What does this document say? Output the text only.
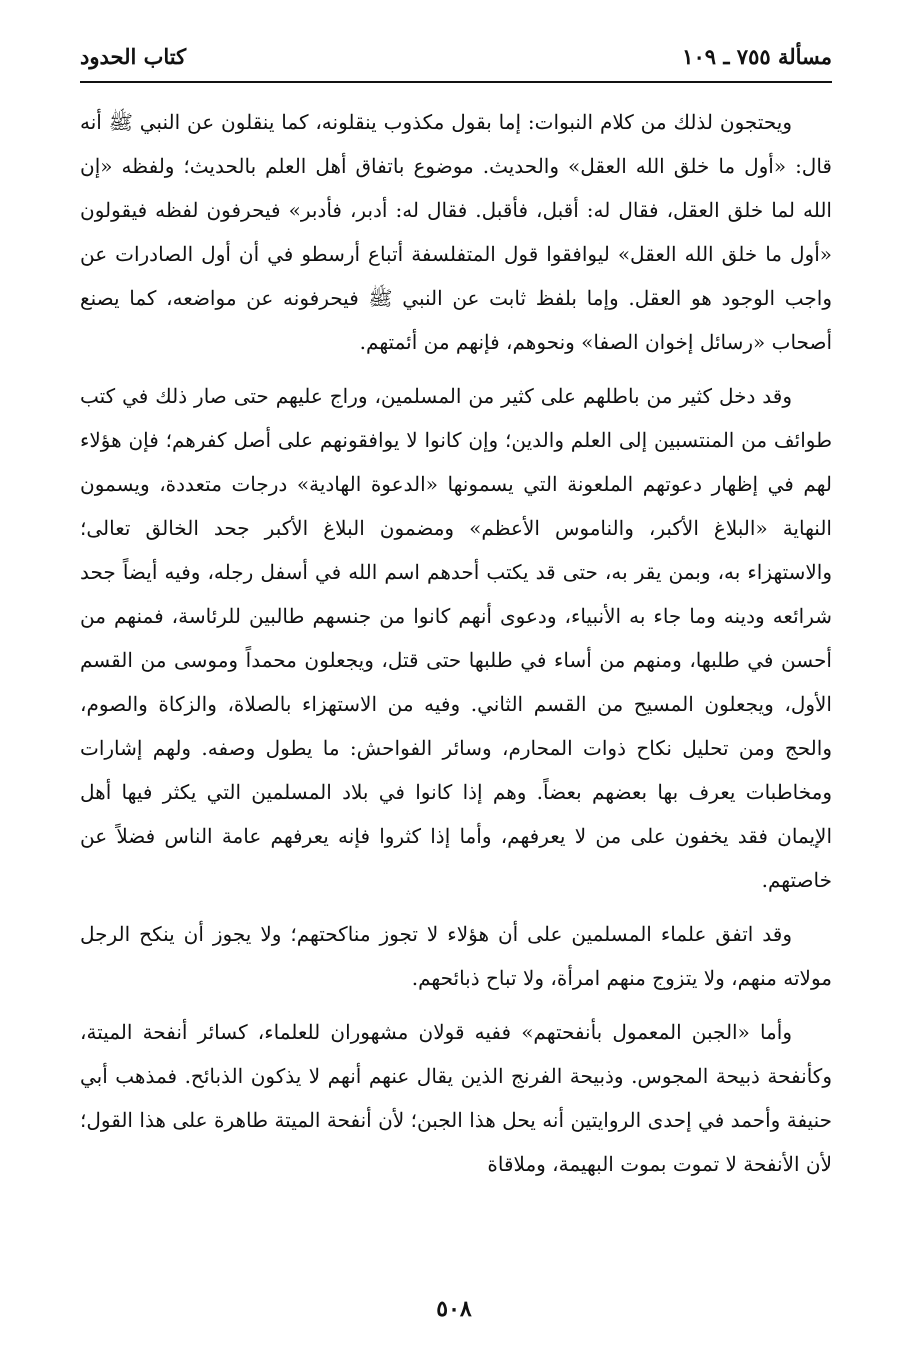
مسألة ٧٥٥ ـ ١٠٩
كتاب الحدود

ويحتجون لذلك من كلام النبوات: إما بقول مكذوب ينقلونه، كما ينقلون عن النبي ﷺ أنه قال: «أول ما خلق الله العقل» والحديث. موضوع باتفاق أهل العلم بالحديث؛ ولفظه «إن الله لما خلق العقل، فقال له: أقبل، فأقبل. فقال له: أدبر، فأدبر» فيحرفون لفظه فيقولون «أول ما خلق الله العقل» ليوافقوا قول المتفلسفة أتباع أرسطو في أن أول الصادرات عن واجب الوجود هو العقل. وإما بلفظ ثابت عن النبي ﷺ فيحرفونه عن مواضعه، كما يصنع أصحاب «رسائل إخوان الصفا» ونحوهم، فإنهم من أئمتهم.

وقد دخل كثير من باطلهم على كثير من المسلمين، وراج عليهم حتى صار ذلك في كتب طوائف من المنتسبين إلى العلم والدين؛ وإن كانوا لا يوافقونهم على أصل كفرهم؛ فإن هؤلاء لهم في إظهار دعوتهم الملعونة التي يسمونها «الدعوة الهادية» درجات متعددة، ويسمون النهاية «البلاغ الأكبر، والناموس الأعظم» ومضمون البلاغ الأكبر جحد الخالق تعالى؛ والاستهزاء به، وبمن يقر به، حتى قد يكتب أحدهم اسم الله في أسفل رجله، وفيه أيضاً جحد شرائعه ودينه وما جاء به الأنبياء، ودعوى أنهم كانوا من جنسهم طالبين للرئاسة، فمنهم من أحسن في طلبها، ومنهم من أساء في طلبها حتى قتل، ويجعلون محمداً وموسى من القسم الأول، ويجعلون المسيح من القسم الثاني. وفيه من الاستهزاء بالصلاة، والزكاة والصوم، والحج ومن تحليل نكاح ذوات المحارم، وسائر الفواحش: ما يطول وصفه. ولهم إشارات ومخاطبات يعرف بها بعضهم بعضاً. وهم إذا كانوا في بلاد المسلمين التي يكثر فيها أهل الإيمان فقد يخفون على من لا يعرفهم، وأما إذا كثروا فإنه يعرفهم عامة الناس فضلاً عن خاصتهم.

وقد اتفق علماء المسلمين على أن هؤلاء لا تجوز مناكحتهم؛ ولا يجوز أن ينكح الرجل مولاته منهم، ولا يتزوج منهم امرأة، ولا تباح ذبائحهم.

وأما «الجبن المعمول بأنفحتهم» ففيه قولان مشهوران للعلماء، كسائر أنفحة الميتة، وكأنفحة ذبيحة المجوس. وذبيحة الفرنج الذين يقال عنهم أنهم لا يذكون الذبائح. فمذهب أبي حنيفة وأحمد في إحدى الروايتين أنه يحل هذا الجبن؛ لأن أنفحة الميتة طاهرة على هذا القول؛ لأن الأنفحة لا تموت بموت البهيمة، وملاقاة

٥٠٨
